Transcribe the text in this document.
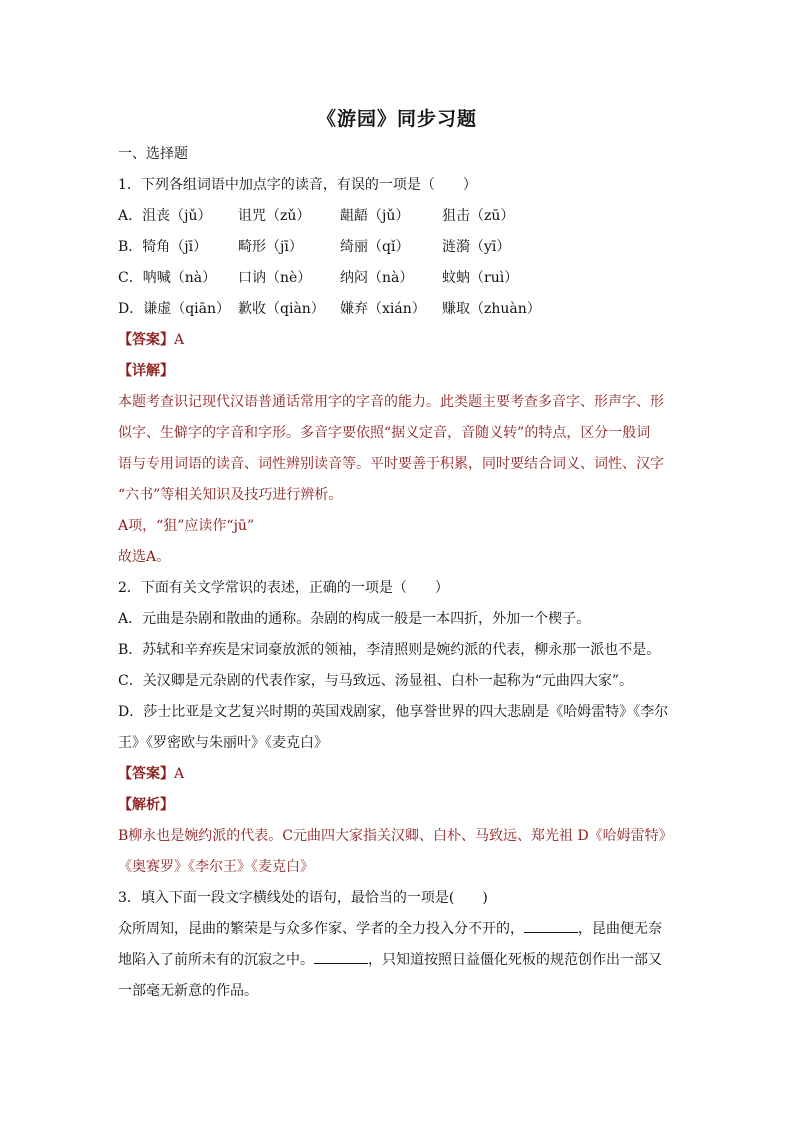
《游园》同步习题

一、选择题

1．下列各组词语中加点字的读音，有误的一项是（　　）

A．沮丧（jǔ）	诅咒（zǔ）	龃龉（jǔ）	狙击（zū）
B．犄角（jī）	畸形（jī）	绮丽（qǐ）	涟漪（yī）
C．呐喊（nà）	口讷（nè）	纳闷（nà）	蚊蚋（ruì）
D．谦虚（qiān） 歉收（qiàn）	嫌弃（xián）	赚取（zhuàn）

【答案】A

【详解】

本题考查识记现代汉语普通话常用字的字音的能力。此类题主要考查多音字、形声字、形

似字、生僻字的字音和字形。多音字要依照“据义定音，音随义转”的特点，区分一般词

语与专用词语的读音、词性辨别读音等。平时要善于积累，同时要结合词义、词性、汉字

“六书”等相关知识及技巧进行辨析。

A项，“狙”应读作“jū”

故选A。

2．下面有关文学常识的表述，正确的一项是（　　）

A．元曲是杂剧和散曲的通称。杂剧的构成一般是一本四折，外加一个楔子。

B．苏轼和辛弃疾是宋词豪放派的领袖，李清照则是婉约派的代表，柳永那一派也不是。

C．关汉卿是元杂剧的代表作家，与马致远、汤显祖、白朴一起称为“元曲四大家”。

D．莎士比亚是文艺复兴时期的英国戏剧家，他享誉世界的四大悲剧是《哈姆雷特》《李尔

王》《罗密欧与朱丽叶》《麦克白》

【答案】A

【解析】

B柳永也是婉约派的代表。C元曲四大家指关汉卿、白朴、马致远、郑光祖 D《哈姆雷特》

《奥赛罗》《李尔王》《麦克白》

3．填入下面一段文字横线处的语句，最恰当的一项是(　　)

众所周知，昆曲的繁荣是与众多作家、学者的全力投入分不开的，	，昆曲便无奈

地陷入了前所未有的沉寂之中。	，只知道按照日益僵化死板的规范创作出一部又

一部毫无新意的作品。
